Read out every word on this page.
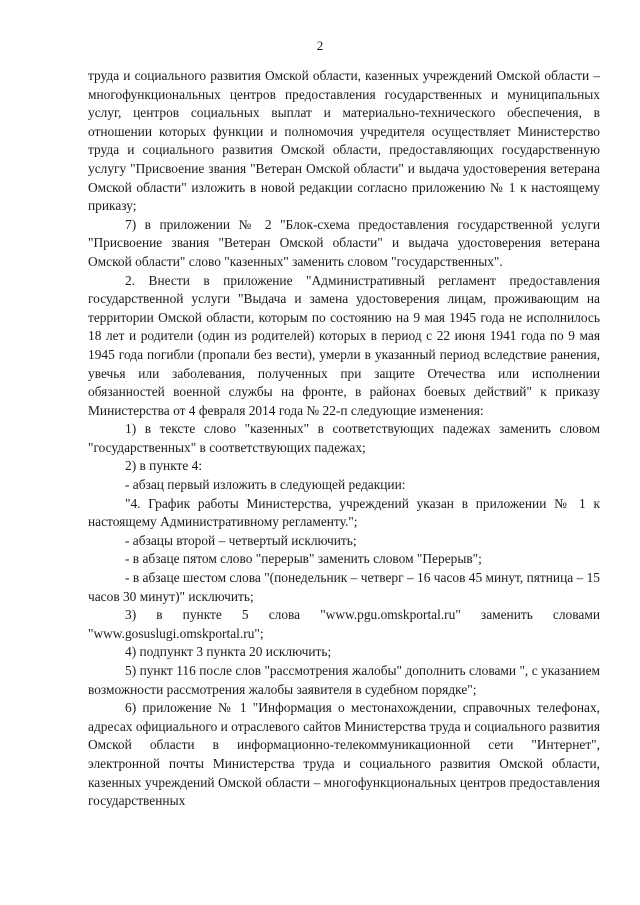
2

труда и социального развития Омской области, казенных учреждений Омской области – многофункциональных центров предоставления государственных и муниципальных услуг, центров социальных выплат и материально-технического обеспечения, в отношении которых функции и полномочия учредителя осуществляет Министерство труда и социального развития Омской области, предоставляющих государственную услугу "Присвоение звания "Ветеран Омской области" и выдача удостоверения ветерана Омской области" изложить в новой редакции согласно приложению № 1 к настоящему приказу;

7) в приложении № 2 "Блок-схема предоставления государственной услуги "Присвоение звания "Ветеран Омской области" и выдача удостоверения ветерана Омской области" слово "казенных" заменить словом "государственных".

2. Внести в приложение "Административный регламент предоставления государственной услуги "Выдача и замена удостоверения лицам, проживающим на территории Омской области, которым по состоянию на 9 мая 1945 года не исполнилось 18 лет и родители (один из родителей) которых в период с 22 июня 1941 года по 9 мая 1945 года погибли (пропали без вести), умерли в указанный период вследствие ранения, увечья или заболевания, полученных при защите Отечества или исполнении обязанностей военной службы на фронте, в районах боевых действий" к приказу Министерства от 4 февраля 2014 года № 22-п следующие изменения:

1) в тексте слово "казенных" в соответствующих падежах заменить словом "государственных" в соответствующих падежах;

2) в пункте 4:

- абзац первый изложить в следующей редакции:

"4. График работы Министерства, учреждений указан в приложении № 1 к настоящему Административному регламенту.";

- абзацы второй – четвертый исключить;

- в абзаце пятом слово "перерыв" заменить словом "Перерыв";

- в абзаце шестом слова "(понедельник – четверг – 16 часов 45 минут, пятница – 15 часов 30 минут)" исключить;

3) в пункте 5 слова "www.pgu.omskportal.ru" заменить словами "www.gosuslugi.omskportal.ru";

4) подпункт 3 пункта 20 исключить;

5) пункт 116 после слов "рассмотрения жалобы" дополнить словами ", с указанием возможности рассмотрения жалобы заявителя в судебном порядке";

6) приложение № 1 "Информация о местонахождении, справочных телефонах, адресах официального и отраслевого сайтов Министерства труда и социального развития Омской области в информационно-телекоммуникационной сети "Интернет", электронной почты Министерства труда и социального развития Омской области, казенных учреждений Омской области – многофункциональных центров предоставления государственных
